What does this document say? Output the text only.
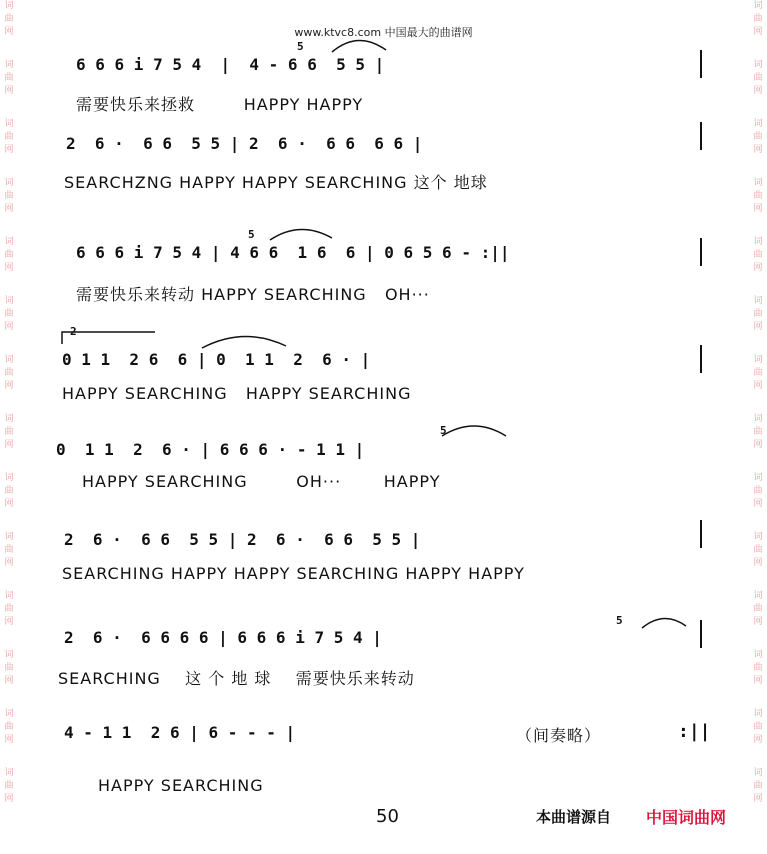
词
曲
网
词
曲
网
词
曲
网
词
曲
网
词
曲
网
词
曲
网
词
曲
网
词
曲
网
词
曲
网
词
曲
网
词
曲
网
词
曲
网
词
曲
网
词
曲
网
词
曲
网
词
曲
网
词
曲
网
词
曲
网
词
曲
网
词
曲
网
词
曲
网
词
曲
网
词
曲
网
词
曲
网
词
曲
网
词
曲
网
词
曲
网
词
曲
网
www.ktvc8.com 中国最大的曲谱网
6 6 6 i 7 5 4  |  4 - 6 6  5 5 |
需要快乐来拯救        HAPPY HAPPY
2  6 ·  6 6  5 5 | 2  6 ·  6 6  6 6 |
SEARCHZNG HAPPY HAPPY SEARCHING 这个 地球
6 6 6 i 7 5 4 | 4 6 6  1 6  6 | 0 6 5 6 - :||
需要快乐来转动 HAPPY SEARCHING   OH···
2
0 1 1  2 6  6 | 0  1 1  2  6 · |
HAPPY SEARCHING   HAPPY SEARCHING
0  1 1  2  6 · | 6 6 6 · - 1 1 |
HAPPY SEARCHING        OH···       HAPPY
2  6 ·  6 6  5 5 | 2  6 ·  6 6  5 5 |
SEARCHING HAPPY HAPPY SEARCHING HAPPY HAPPY
2  6 ·  6 6 6 6 | 6 6 6 i 7 5 4 |
SEARCHING    这 个 地 球    需要快乐来转动
4 - 1 1  2 6 | 6 - - - |	（间奏略）	:||
HAPPY SEARCHING
5
5
5
5
50	本曲谱源自 中国词曲网
